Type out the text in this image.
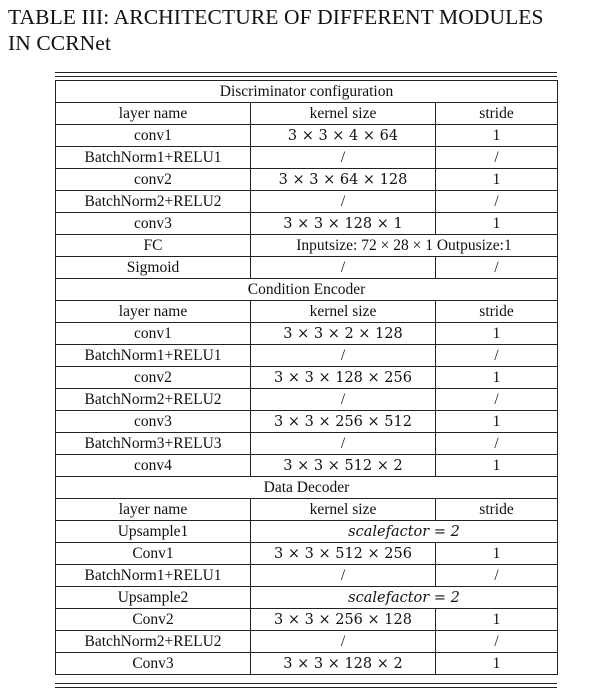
TABLE III: ARCHITECTURE OF DIFFERENT MODULES
IN CCRNet
Discriminator configuration		
layer name	kernel size	stride
conv1	3 × 3 × 4 × 64	1
BatchNorm1+RELU1	/	/
conv2	3 × 3 × 64 × 128	1
BatchNorm2+RELU2	/	/
conv3	3 × 3 × 128 × 1	1
FC	Inputsize: 72 × 28 × 1 Outpusize:1	
Sigmoid	/	/
Condition Encoder		
layer name	kernel size	stride
conv1	3 × 3 × 2 × 128	1
BatchNorm1+RELU1	/	/
conv2	3 × 3 × 128 × 256	1
BatchNorm2+RELU2	/	/
conv3	3 × 3 × 256 × 512	1
BatchNorm3+RELU3	/	/
conv4	3 × 3 × 512 × 2	1
Data Decoder		
layer name	kernel size	stride
Upsample1	scalefactor = 2	
Conv1	3 × 3 × 512 × 256	1
BatchNorm1+RELU1	/	/
Upsample2	scalefactor = 2	
Conv2	3 × 3 × 256 × 128	1
BatchNorm2+RELU2	/	/
Conv3	3 × 3 × 128 × 2	1
